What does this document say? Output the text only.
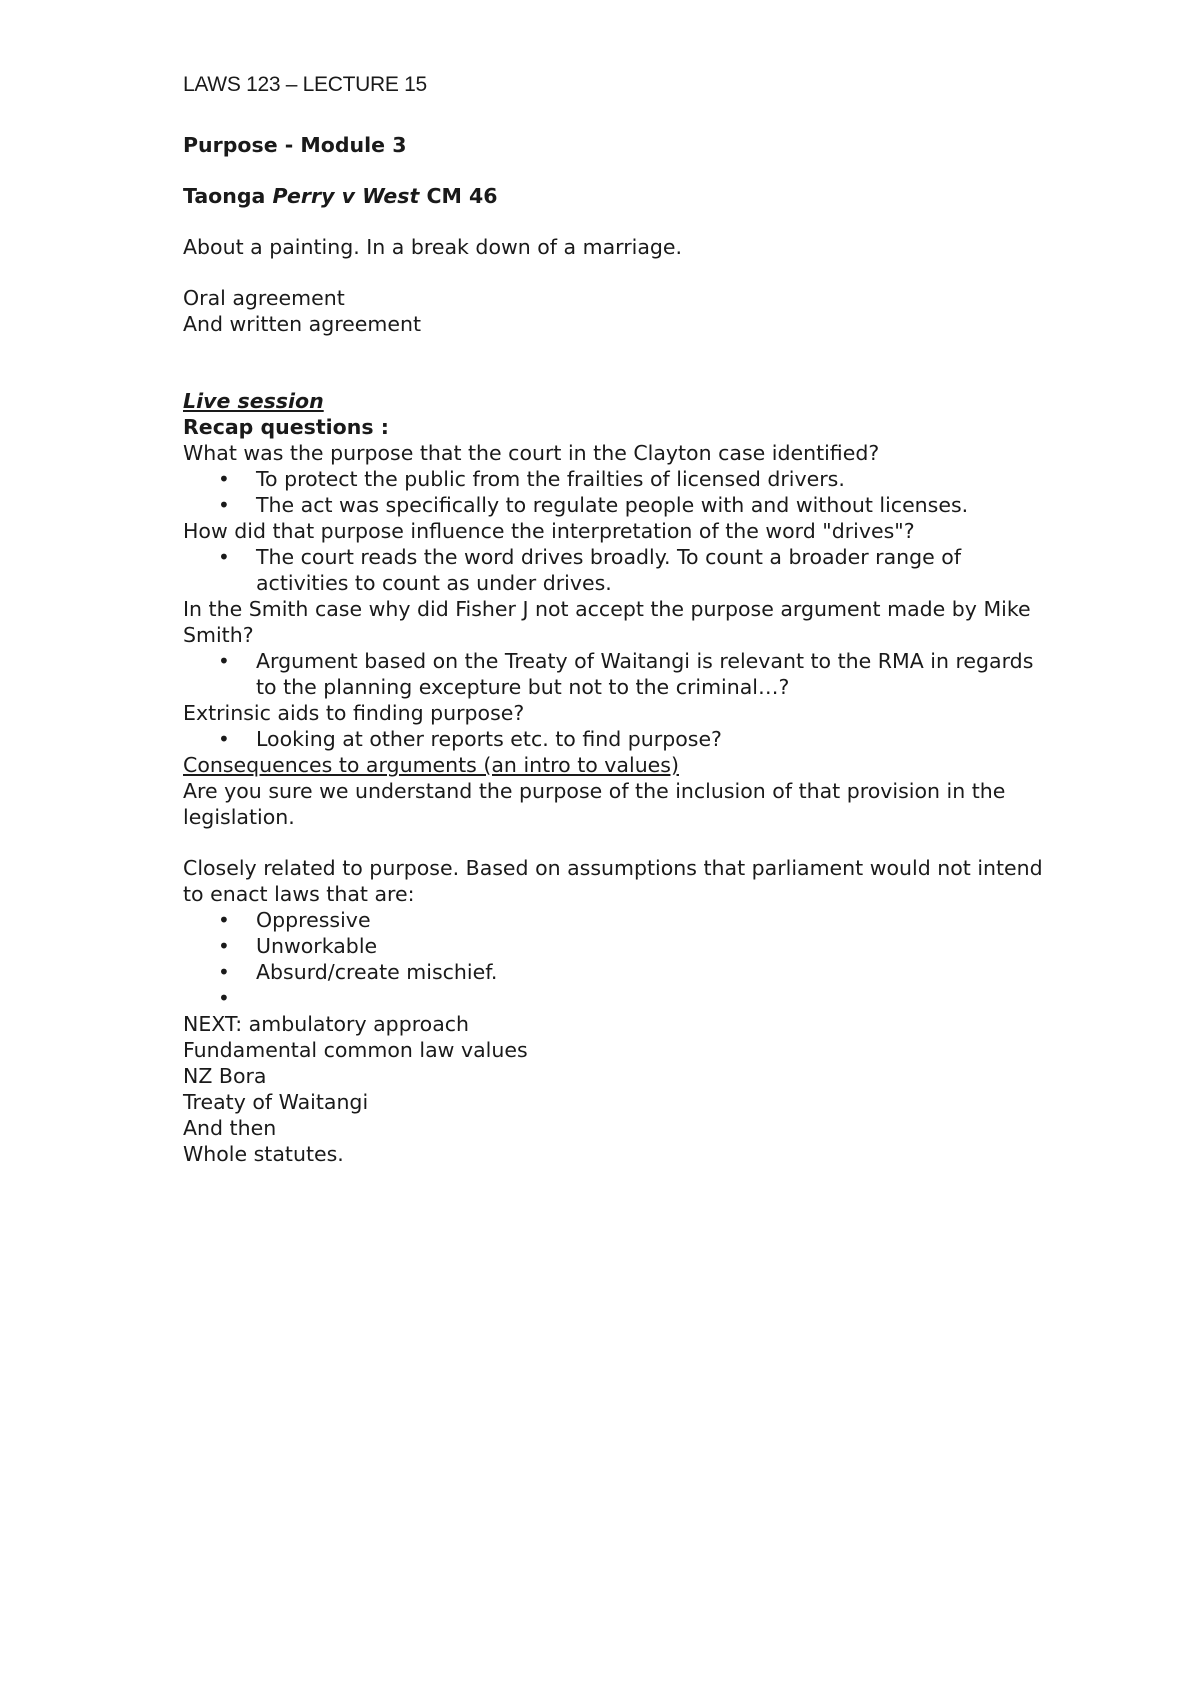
LAWS 123 – LECTURE 15

Purpose - Module 3

Taonga Perry v West CM 46

About a painting. In a break down of a marriage.

Oral agreement

And written agreement

Live session

Recap questions :

What was the purpose that the court in the Clayton case identified?

• To protect the public from the frailties of licensed drivers.
• The act was specifically to regulate people with and without licenses.

How did that purpose influence the interpretation of the word "drives"?

• The court reads the word drives broadly. To count a broader range of activities to count as under drives.

In the Smith case why did Fisher J not accept the purpose argument made by Mike Smith?

• Argument based on the Treaty of Waitangi is relevant to the RMA in regards to the planning excepture but not to the criminal…?

Extrinsic aids to finding purpose?

• Looking at other reports etc. to find purpose?

Consequences to arguments (an intro to values)

Are you sure we understand the purpose of the inclusion of that provision in the legislation.

Closely related to purpose. Based on assumptions that parliament would not intend to enact laws that are:

• Oppressive
• Unworkable
• Absurd/create mischief.
•

NEXT: ambulatory approach

Fundamental common law values

NZ Bora

Treaty of Waitangi

And then

Whole statutes.
